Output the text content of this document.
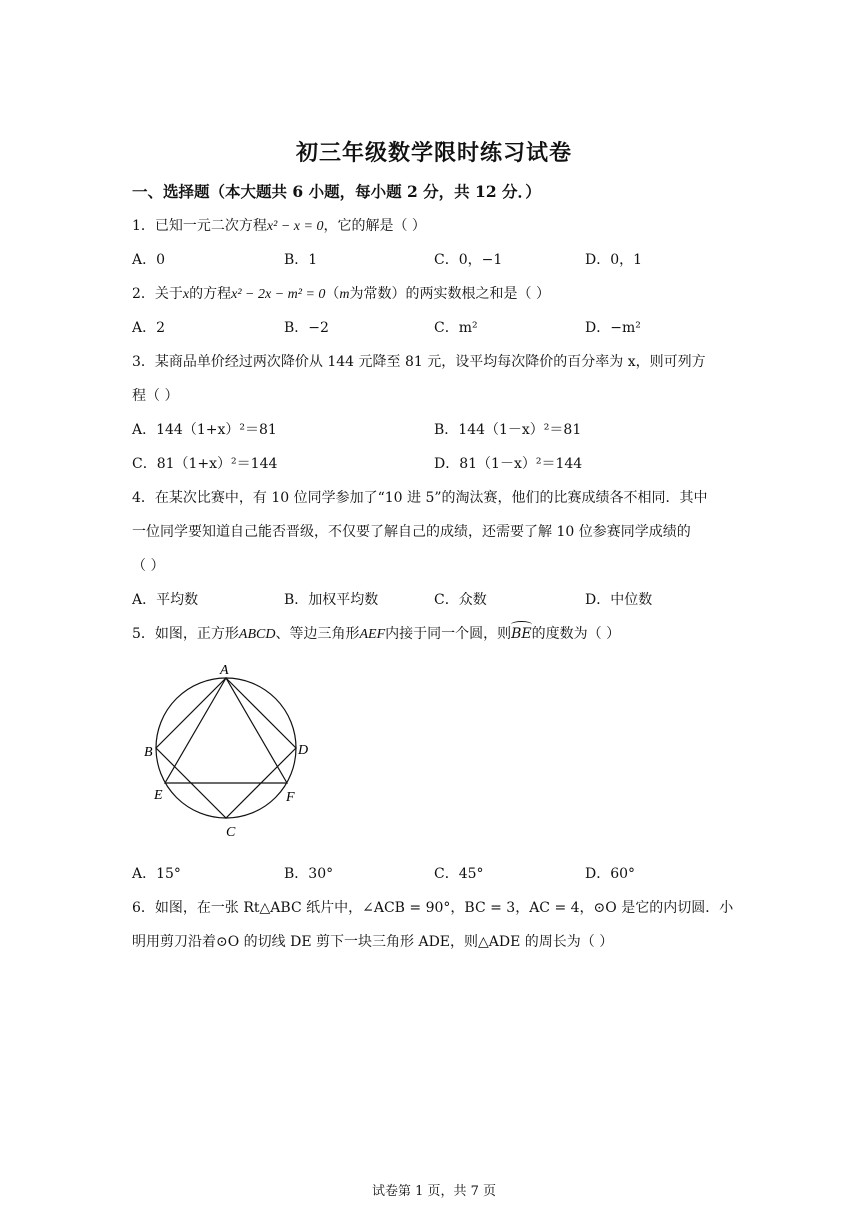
初三年级数学限时练习试卷
一、选择题（本大题共 6 小题，每小题 2 分，共 12 分．）
1．已知一元二次方程x² − x = 0，它的解是（ ）
A．0	B．1	C．0，−1	D．0，1
2．关于x的方程x² − 2x − m² = 0（m为常数）的两实数根之和是（ ）
A．2	B．−2	C．m²	D．−m²
3．某商品单价经过两次降价从 144 元降至 81 元，设平均每次降价的百分率为 x，则可列方
程（ ）
A．144（1+x）²＝81	B．144（1－x）²＝81
C．81（1+x）²＝144	D．81（1－x）²＝144
4．在某次比赛中，有 10 位同学参加了“10 进 5”的淘汰赛，他们的比赛成绩各不相同．其中
一位同学要知道自己能否晋级，不仅要了解自己的成绩，还需要了解 10 位参赛同学成绩的
（ ）
A．平均数	B．加权平均数	C．众数	D．中位数
5．如图，正方形ABCD、等边三角形AEF内接于同一个圆，则BE的度数为（ ）
A
B	D
E	F
C
A．15°	B．30°	C．45°	D．60°
6．如图，在一张 Rt△ABC 纸片中，∠ACB = 90°，BC = 3，AC = 4，⊙O 是它的内切圆．小
明用剪刀沿着⊙O 的切线 DE 剪下一块三角形 ADE，则△ADE 的周长为（ ）
试卷第 1 页，共 7 页
